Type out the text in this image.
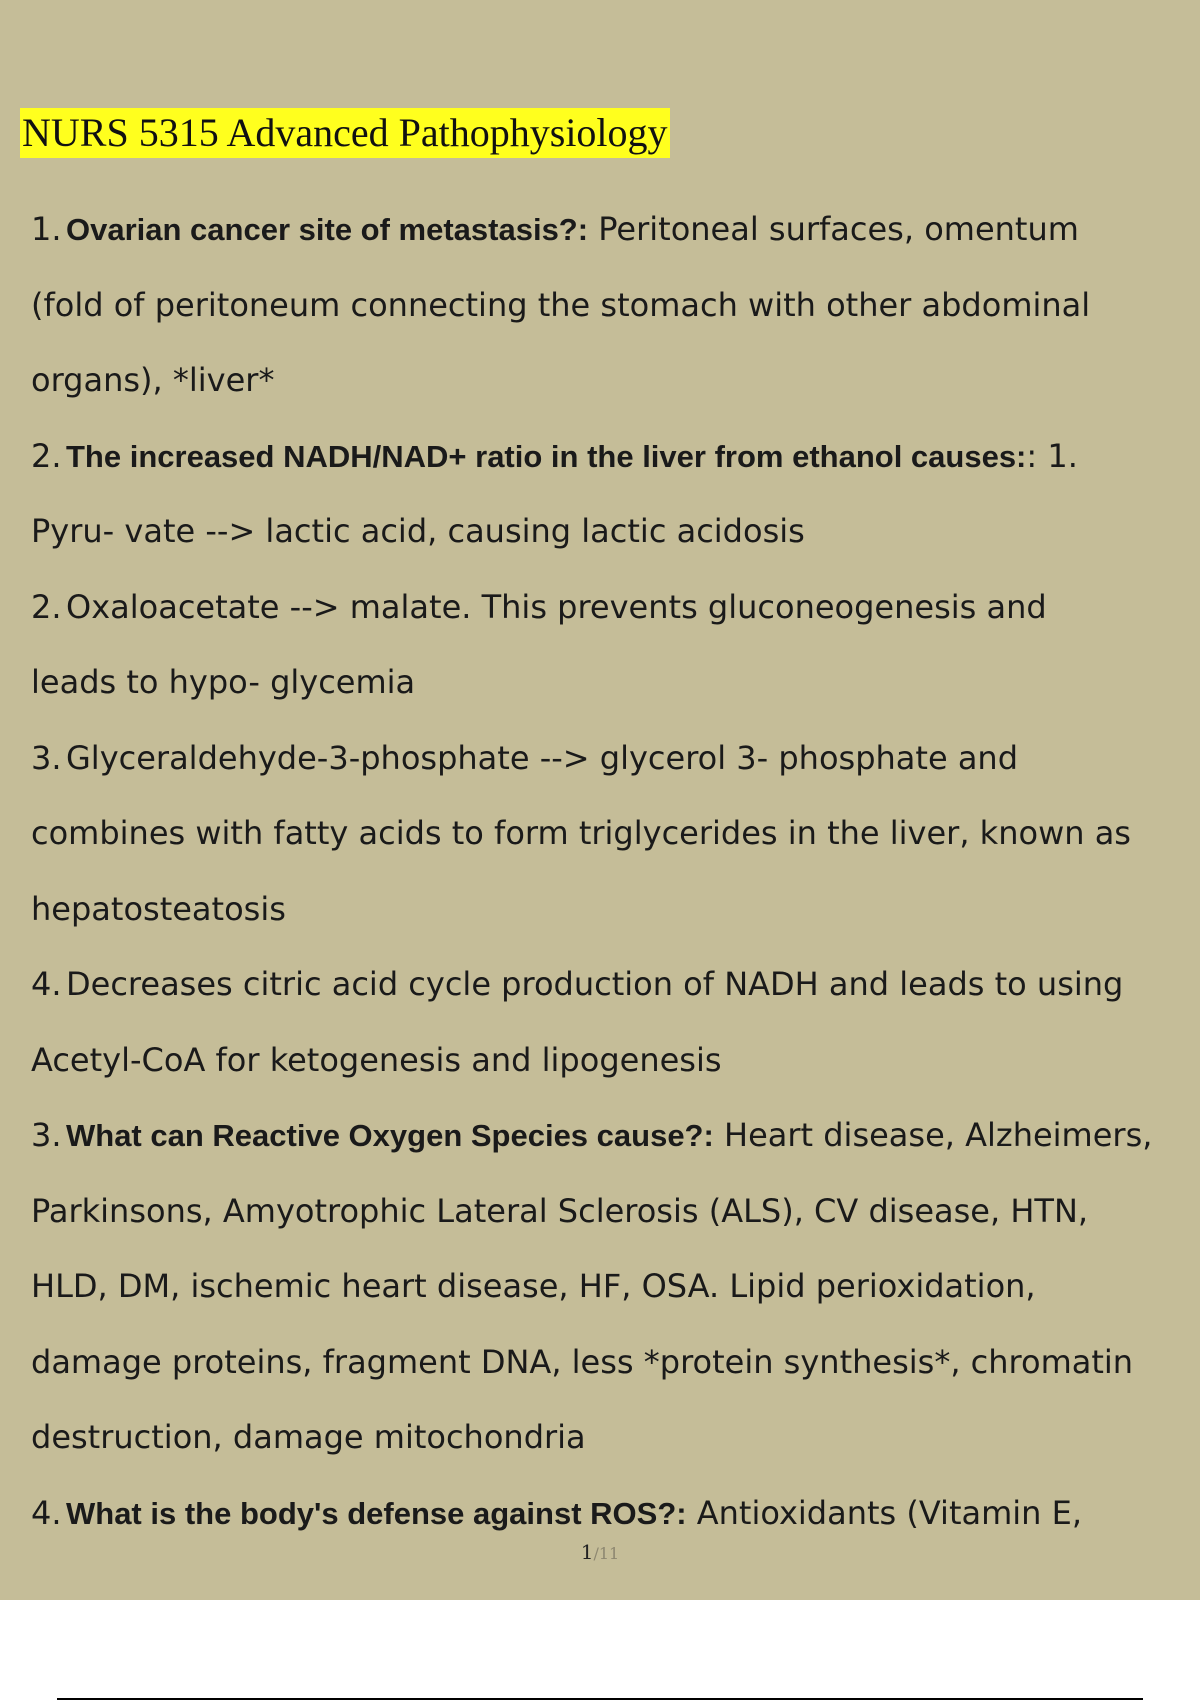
NURS 5315 Advanced Pathophysiology
1. Ovarian cancer site of metastasis?: Peritoneal surfaces, omentum
(fold of peritoneum connecting the stomach with other abdominal
organs), *liver*
2. The increased NADH/NAD+ ratio in the liver from ethanol causes:: 1.
Pyru- vate --> lactic acid, causing lactic acidosis
2. Oxaloacetate --> malate. This prevents gluconeogenesis and
leads to hypo- glycemia
3. Glyceraldehyde-3-phosphate --> glycerol 3- phosphate and
combines with fatty acids to form triglycerides in the liver, known as
hepatosteatosis
4. Decreases citric acid cycle production of NADH and leads to using
Acetyl-CoA for ketogenesis and lipogenesis
3. What can Reactive Oxygen Species cause?: Heart disease, Alzheimers,
Parkinsons, Amyotrophic Lateral Sclerosis (ALS), CV disease, HTN,
HLD, DM, ischemic heart disease, HF, OSA. Lipid perioxidation,
damage proteins, fragment DNA, less *protein synthesis*, chromatin
destruction, damage mitochondria
4. What is the body's defense against ROS?: Antioxidants (Vitamin E,
1/11
